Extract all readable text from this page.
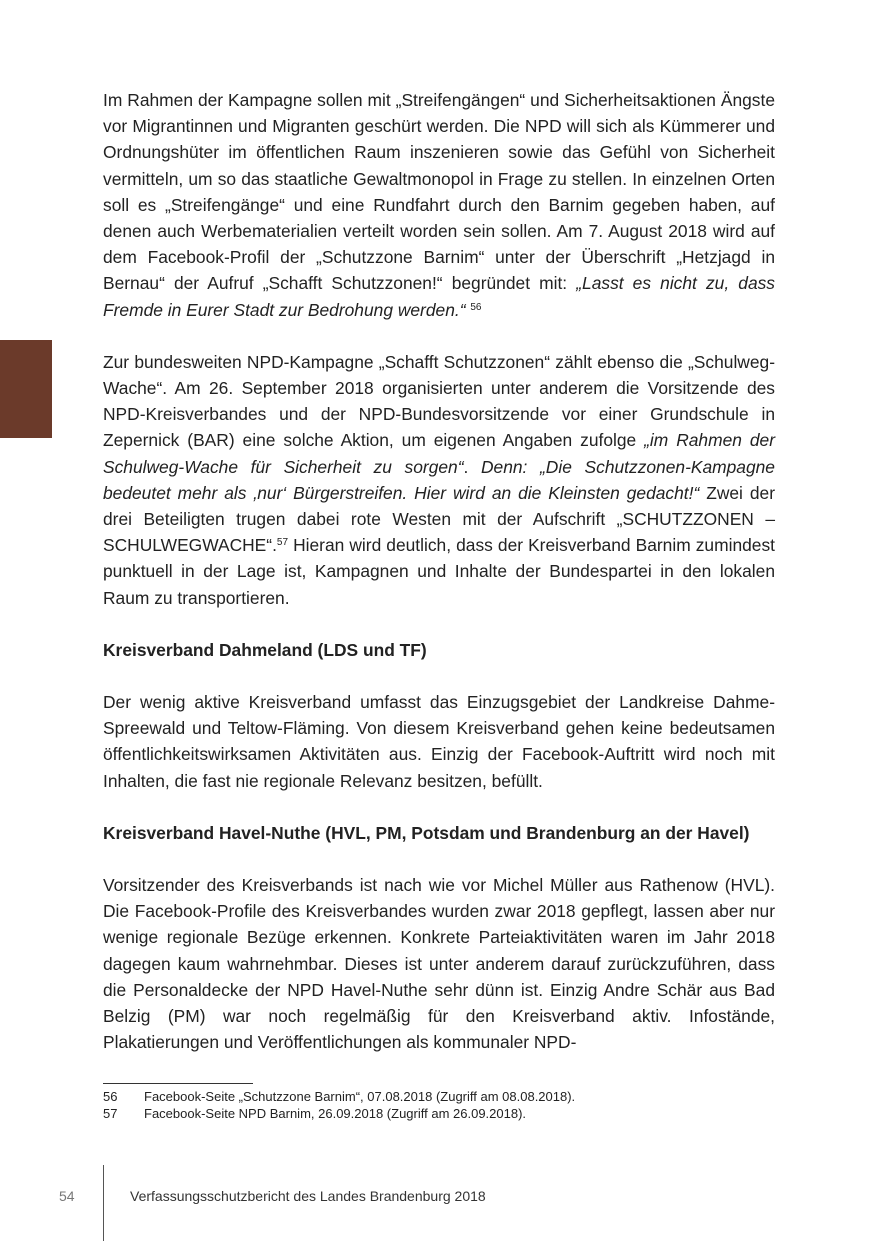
Im Rahmen der Kampagne sollen mit „Streifengängen“ und Sicherheitsaktionen Ängste vor Migrantinnen und Migranten geschürt werden. Die NPD will sich als Kümmerer und Ordnungshüter im öffentlichen Raum inszenieren sowie das Gefühl von Sicherheit vermitteln, um so das staatliche Gewaltmonopol in Frage zu stellen. In einzelnen Orten soll es „Streifengänge“ und eine Rundfahrt durch den Barnim gegeben haben, auf denen auch Werbematerialien verteilt worden sein sollen. Am 7. August 2018 wird auf dem Facebook-Profil der „Schutzzone Barnim“ unter der Überschrift „Hetzjagd in Bernau“ der Aufruf „Schafft Schutzzonen!“ begründet mit: „Lasst es nicht zu, dass Fremde in Eurer Stadt zur Bedrohung werden.“ $^{56}$

Zur bundesweiten NPD-Kampagne „Schafft Schutzzonen“ zählt ebenso die „Schulweg-Wache“. Am 26. September 2018 organisierten unter anderem die Vorsitzende des NPD-Kreisverbandes und der NPD-Bundesvorsitzende vor einer Grundschule in Zepernick (BAR) eine solche Aktion, um eigenen Angaben zufolge „im Rahmen der Schulweg-Wache für Sicherheit zu sorgen“. Denn: „Die Schutzzonen-Kampagne bedeutet mehr als ‚nur‘ Bürgerstreifen. Hier wird an die Kleinsten gedacht!“ Zwei der drei Beteiligten trugen dabei rote Westen mit der Aufschrift „SCHUTZZONEN – SCHULWEGWACHE“.$^{57}$ Hieran wird deutlich, dass der Kreisverband Barnim zumindest punktuell in der Lage ist, Kampagnen und Inhalte der Bundespartei in den lokalen Raum zu transportieren.

Kreisverband Dahmeland (LDS und TF)

Der wenig aktive Kreisverband umfasst das Einzugsgebiet der Landkreise Dahme-Spreewald und Teltow-Fläming. Von diesem Kreisverband gehen keine bedeutsamen öffentlichkeitswirksamen Aktivitäten aus. Einzig der Facebook-Auftritt wird noch mit Inhalten, die fast nie regionale Relevanz besitzen, befüllt.

Kreisverband Havel-Nuthe (HVL, PM, Potsdam und Brandenburg an der Havel)

Vorsitzender des Kreisverbands ist nach wie vor Michel Müller aus Rathenow (HVL). Die Facebook-Profile des Kreisverbandes wurden zwar 2018 gepflegt, lassen aber nur wenige regionale Bezüge erkennen. Konkrete Parteiaktivitäten waren im Jahr 2018 dagegen kaum wahrnehmbar. Dieses ist unter anderem darauf zurückzuführen, dass die Personaldecke der NPD Havel-Nuthe sehr dünn ist. Einzig Andre Schär aus Bad Belzig (PM) war noch regelmäßig für den Kreisverband aktiv. Infostände, Plakatierungen und Veröffentlichungen als kommunaler NPD-

56	Facebook-Seite „Schutzzone Barnim“, 07.08.2018 (Zugriff am 08.08.2018).
57	Facebook-Seite NPD Barnim, 26.09.2018 (Zugriff am 26.09.2018).
54	Verfassungsschutzbericht des Landes Brandenburg 2018
